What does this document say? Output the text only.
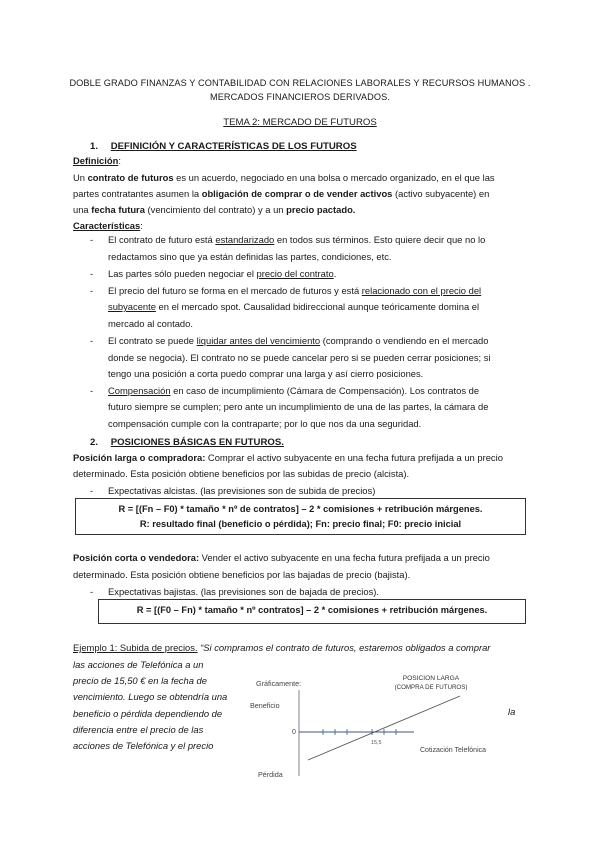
DOBLE GRADO FINANZAS Y CONTABILIDAD CON RELACIONES LABORALES Y RECURSOS HUMANOS .
MERCADOS FINANCIEROS DERIVADOS.
TEMA 2: MERCADO DE FUTUROS
1. DEFINICIÓN Y CARACTERÍSTICAS DE LOS FUTUROS
Definición:
Un contrato de futuros es un acuerdo, negociado en una bolsa o mercado organizado, en el que las
partes contratantes asumen la obligación de comprar o de vender activos (activo subyacente) en
una fecha futura (vencimiento del contrato) y a un precio pactado.
Características:
- El contrato de futuro está estandarizado en todos sus términos. Esto quiere decir que no lo
redactamos sino que ya están definidas las partes, condiciones, etc.
- Las partes sólo pueden negociar el precio del contrato.
- El precio del futuro se forma en el mercado de futuros y está relacionado con el precio del
subyacente en el mercado spot. Causalidad bidireccional aunque teóricamente domina el
mercado al contado.
- El contrato se puede liquidar antes del vencimiento (comprando o vendiendo en el mercado
donde se negocia). El contrato no se puede cancelar pero si se pueden cerrar posiciones; si
tengo una posición a corta puedo comprar una larga y así cierro posiciones.
- Compensación en caso de incumplimiento (Cámara de Compensación). Los contratos de
futuro siempre se cumplen; pero ante un incumplimiento de una de las partes, la cámara de
compensación cumple con la contraparte; por lo que nos da una seguridad.
2. POSICIONES BÁSICAS EN FUTUROS.
Posición larga o compradora: Comprar el activo subyacente en una fecha futura prefijada a un precio
determinado. Esta posición obtiene beneficios por las subidas de precio (alcista).
- Expectativas alcistas. (las previsiones son de subida de precios)
R = [(Fn – F0) * tamaño * nº de contratos] – 2 * comisiones + retribución márgenes.
R: resultado final (beneficio o pérdida); Fn: precio final; F0: precio inicial
Posición corta o vendedora: Vender el activo subyacente en una fecha futura prefijada a un precio
determinado. Esta posición obtiene beneficios por las bajadas de precio (bajista).
- Expectativas bajistas. (las previsiones son de bajada de precios).
R = [(F0 – Fn) * tamaño * nº contratos] – 2 * comisiones + retribución márgenes.
Ejemplo 1: Subida de precios. “Si compramos el contrato de futuros, estaremos obligados a comprar
las acciones de Telefónica a un
precio de 15,50 € en la fecha de
vencimiento. Luego se obtendría una
beneficio o pérdida dependiendo de
diferencia entre el precio de las
acciones de Telefónica y el precio
la
Gráficamente:
POSICION LARGA
(COMPRA DE FUTUROS)
Beneficio
0
15,5
Cotización Telefónica
Pérdida
